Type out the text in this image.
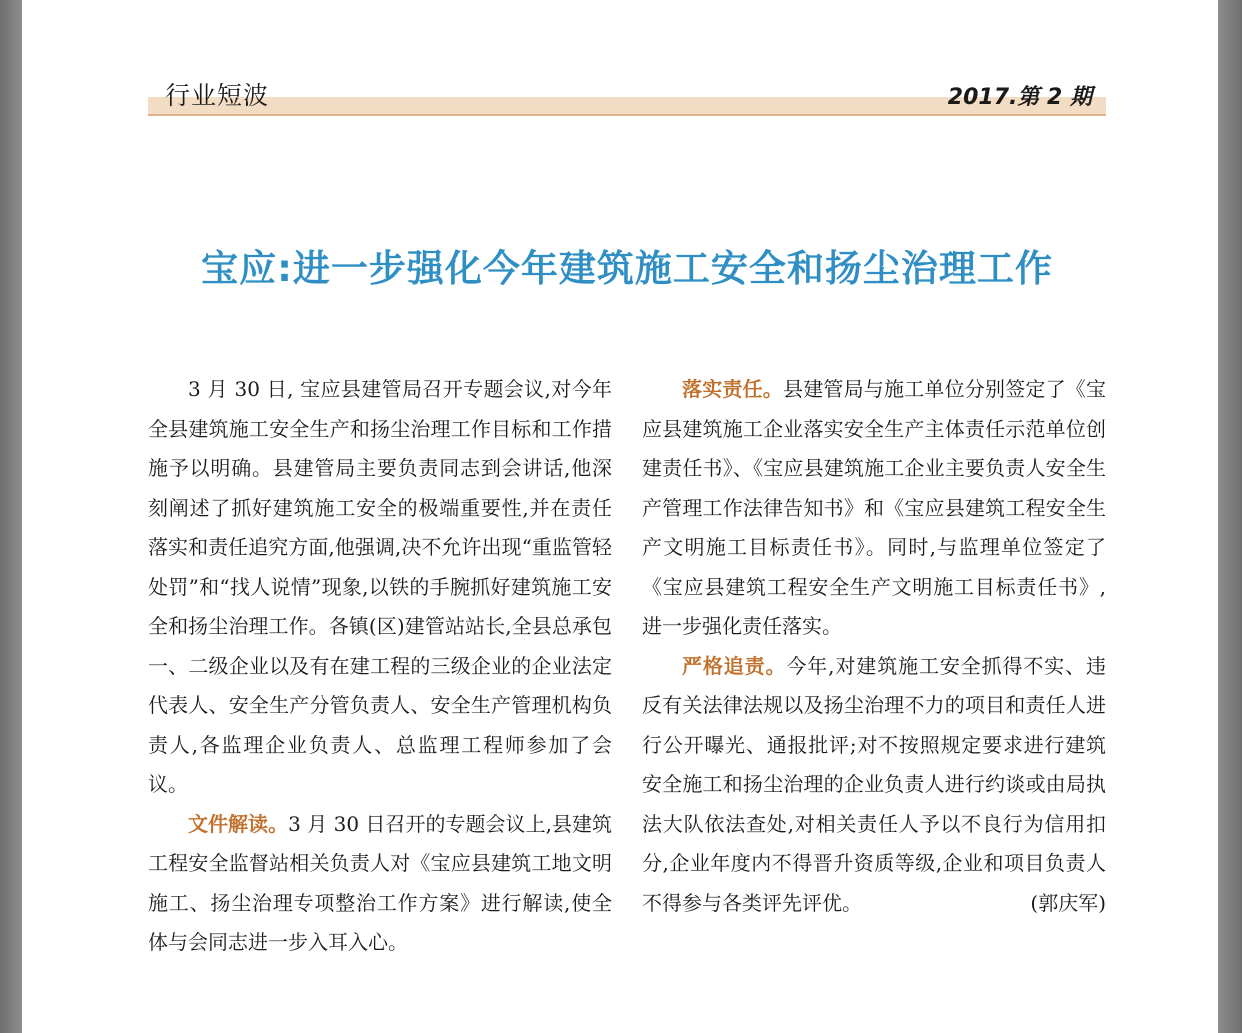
行业短波	2017.第 2 期
宝应:进一步强化今年建筑施工安全和扬尘治理工作

3 月 30 日, 宝应县建管局召开专题会议,对今年全县建筑施工安全生产和扬尘治理工作目标和工作措施予以明确。县建管局主要负责同志到会讲话,他深刻阐述了抓好建筑施工安全的极端重要性,并在责任落实和责任追究方面,他强调,决不允许出现“重监管轻处罚”和“找人说情”现象,以铁的手腕抓好建筑施工安全和扬尘治理工作。各镇(区)建管站站长,全县总承包一、二级企业以及有在建工程的三级企业的企业法定代表人、安全生产分管负责人、安全生产管理机构负责人,各监理企业负责人、总监理工程师参加了会议。

文件解读。3 月 30 日召开的专题会议上,县建筑工程安全监督站相关负责人对《宝应县建筑工地文明施工、扬尘治理专项整治工作方案》进行解读,使全体与会同志进一步入耳入心。

落实责任。县建管局与施工单位分别签定了《宝应县建筑施工企业落实安全生产主体责任示范单位创建责任书》、《宝应县建筑施工企业主要负责人安全生产管理工作法律告知书》和《宝应县建筑工程安全生产文明施工目标责任书》。同时,与监理单位签定了《宝应县建筑工程安全生产文明施工目标责任书》,进一步强化责任落实。

严格追责。今年,对建筑施工安全抓得不实、违反有关法律法规以及扬尘治理不力的项目和责任人进行公开曝光、通报批评;对不按照规定要求进行建筑安全施工和扬尘治理的企业负责人进行约谈或由局执法大队依法查处,对相关责任人予以不良行为信用扣分,企业年度内不得晋升资质等级,企业和项目负责人不得参与各类评先评优。	(郭庆军)
